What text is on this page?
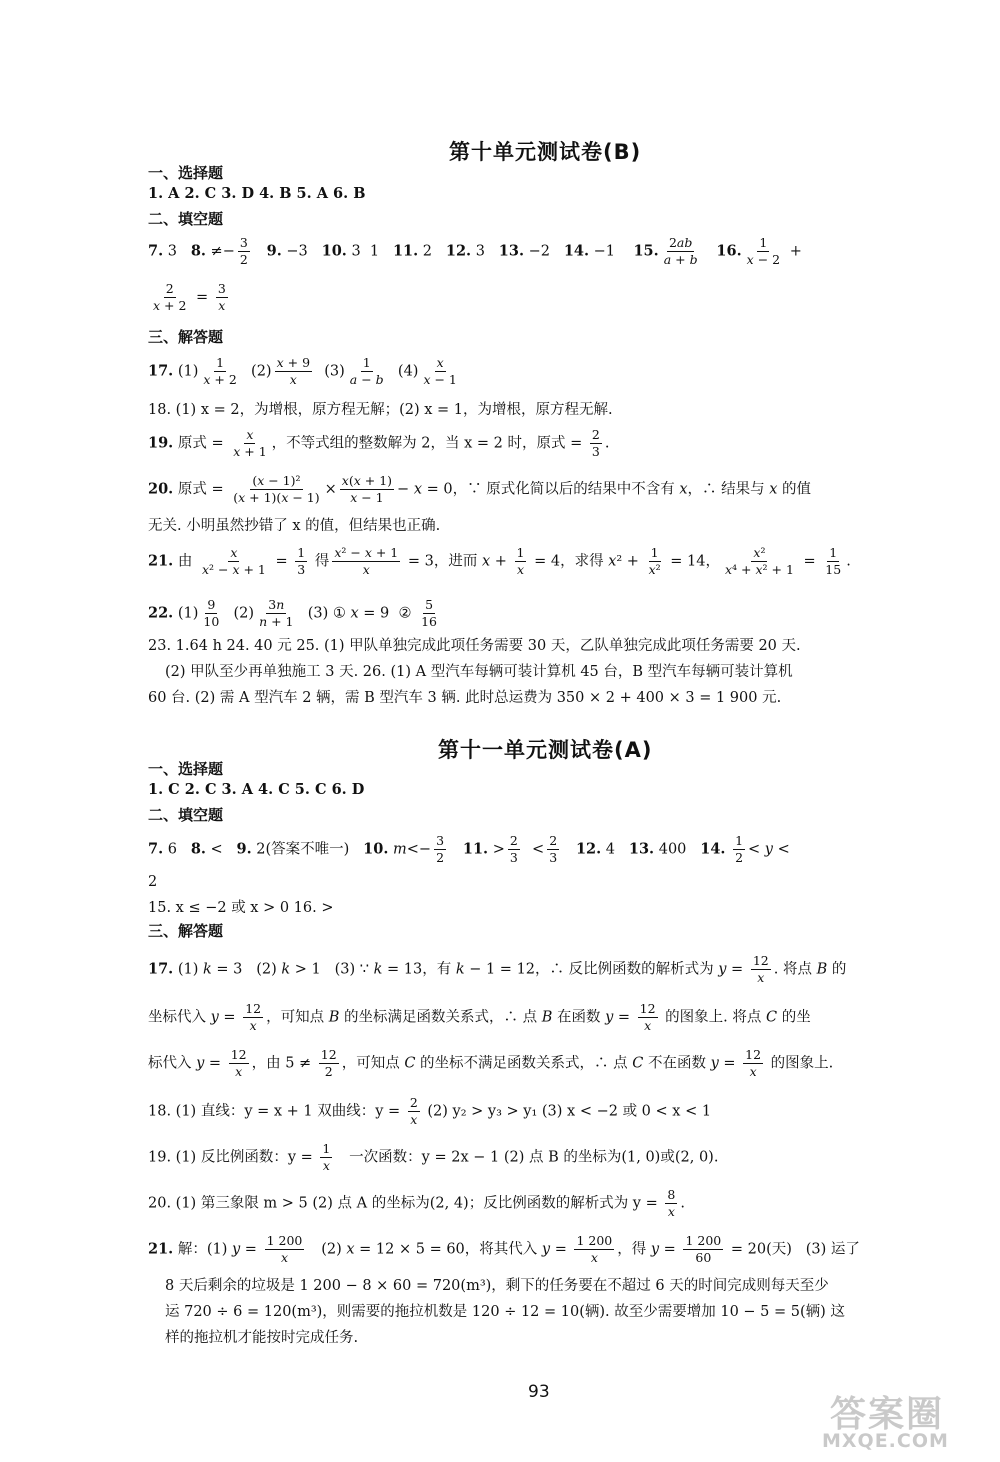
第十单元测试卷(B)
一、选择题
1. A 2. C 3. D 4. B 5. A 6. B
二、填空题
7. 3   8. ≠− $\frac{3}{2} 9$. −3   10. 3  1   11. 2   12. 3   13. −2   14. −1    15. $\frac{2ab}{a + b} 16$. $\frac{1}{x - 2}$ +
$\frac{2}{x + 2} = \frac{3}{x}$
三、解答题
17. $(1) \frac{1}{x + 2} (2) \frac{x + 9}{x} (3) \frac{1}{a - b} (4) \frac{x}{x - 1}$
18. (1) x = 2，为增根，原方程无解；(2) x = 1，为增根，原方程无解.
19. 原式 = $\frac{x}{x + 1}$ ，不等式组的整数解为 2，当 x = 2 时，原式 = $\frac{2}{3}$ .
20. 原式 = $\frac{\text{(x − 1)²}}{(x + 1)(x - 1)} \times \frac{x(x + 1)}{x - 1} - x = 0$，∵ 原式化简以后的结果中不含有 x，∴ 结果与 x 的值
无关. 小明虽然抄错了 x 的值，但结果也正确.
21. 由 $\frac{x}{\text{x² − x + 1}} = \frac{1}{3}$ 得 $\frac{\text{x² − x + 1}}{x} = 3$，进而 $x + \frac{1}{x} = 4$，求得 $x^2 + \frac{1}{\text{x²}} = 14$， $\frac{\text{x²}}{\text{x⁴ + x² + 1}} = \frac{1}{15}$ .
22. $(1) \frac{9}{10} (2) \frac{3n}{n + 1} (3)$ ① x = 9  ② $\frac{5}{16}$
23. 1.64 h 24. 40 元 25. (1) 甲队单独完成此项任务需要 30 天，乙队单独完成此项任务需要 20 天.
(2) 甲队至少再单独施工 3 天. 26. (1) A 型汽车每辆可装计算机 45 台，B 型汽车每辆可装计算机
60 台. (2) 需 A 型汽车 2 辆，需 B 型汽车 3 辆. 此时总运费为 350 × 2 + 400 × 3 = 1 900 元.
第十一单元测试卷(A)
一、选择题
1. C 2. C 3. A 4. C 5. C 6. D
二、填空题
7. 6   8. <   9. 2(答案不唯一)   10. $m<- \frac{3}{2} 11$. > $\frac{2}{3} < \frac{2}{3} 12$. 4   13. 400   14. $\frac{1}{2} < y$ <
2
15. x ≤ −2 或 x > 0 16. >
三、解答题
17. (1) k = 3   (2) k > 1   (3) ∵ k = 13，有 k − 1 = 12，∴ 反比例函数的解析式为 $y = \frac{12}{x}$ . 将点 B 的
坐标代入 $y = \frac{12}{x}$ ，可知点 B 的坐标满足函数关系式，∴ 点 B 在函数 $y = \frac{12}{x}$ 的图象上. 将点 C 的坐
标代入 $y = \frac{12}{x}$ ，由 $5 \ne \frac{12}{2}$ ，可知点 C 的坐标不满足函数关系式，∴ 点 C 不在函数 $y = \frac{12}{x}$ 的图象上.
18. (1) 直线：y = x + 1 双曲线：$y = \frac{2}{x} (2) y_2 > y_3 > y_1$ (3) x < −2 或 0 < x < 1
19. (1) 反比例函数：$y = \frac{1}{x}$ 一次函数：y = 2x − 1 (2) 点 B 的坐标为(1, 0)或(2, 0).
20. (1) 第三象限 m > 5 (2) 点 A 的坐标为(2, 4)；反比例函数的解析式为 $y = \frac{8}{x}$ .
21. 解：(1) $y = \frac{1 200}{x} (2) x = 12 \times 5 = 60$，将其代入 $y = \frac{1 200}{x}$ ，得 $y = \frac{1 200}{60} = 20$(天)   (3) 运了
8 天后剩余的垃圾是 1 200 − 8 × 60 = 720(m³)，剩下的任务要在不超过 6 天的时间完成则每天至少
运 720 ÷ 6 = 120(m³)，则需要的拖拉机数是 120 ÷ 12 = 10(辆). 故至少需要增加 10 − 5 = 5(辆) 这
样的拖拉机才能按时完成任务.
93
答案圈
MXQE.COM
